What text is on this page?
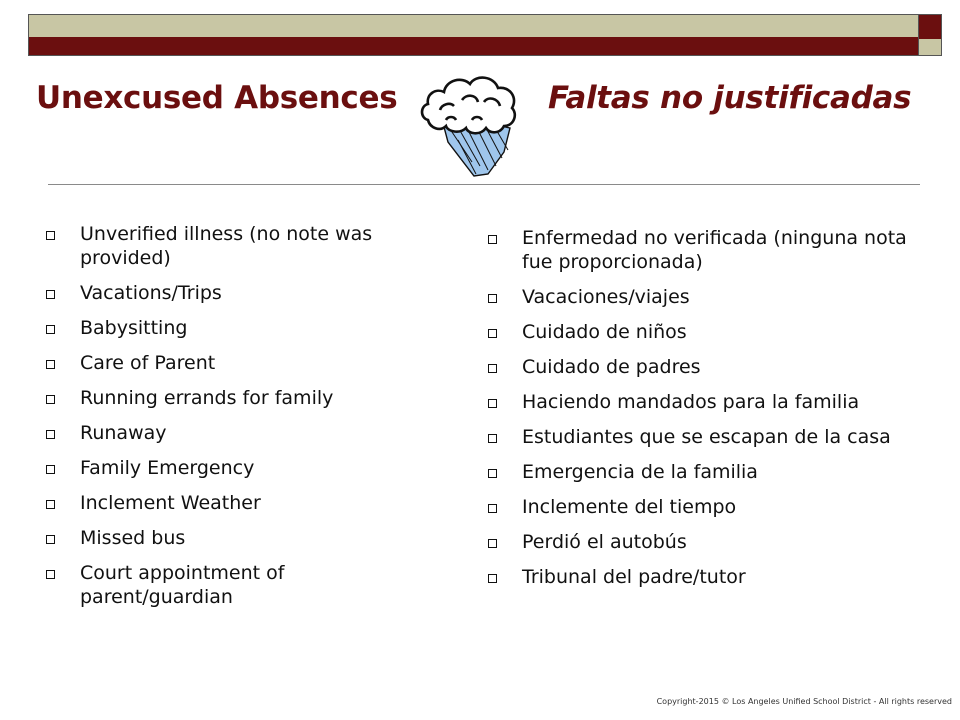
Unexcused Absences	Faltas no justificadas
Unverified illness (no note was provided)
Vacations/Trips
Babysitting
Care of Parent
Running errands for family
Runaway
Family Emergency
Inclement Weather
Missed bus
Court appointment of parent/guardian
Enfermedad no verificada (ninguna nota fue proporcionada)
Vacaciones/viajes
Cuidado de niños
Cuidado de padres
Haciendo mandados para la familia
Estudiantes que se escapan de la casa
Emergencia de la familia
Inclemente del tiempo
Perdió el autobús
Tribunal del padre/tutor

Copyright-2015 © Los Angeles Unified School District - All rights reserved
